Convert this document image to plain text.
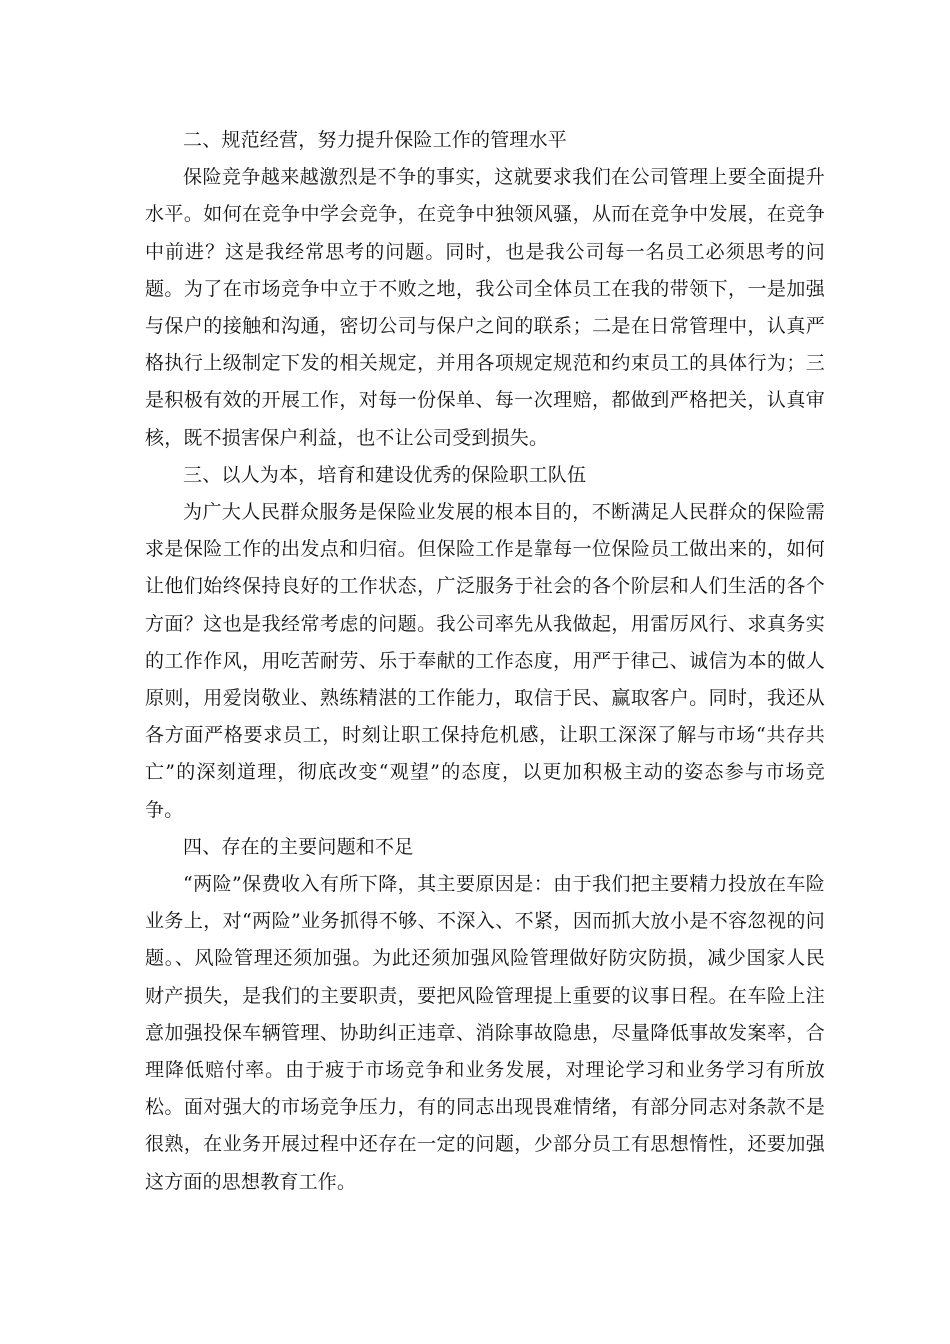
二、规范经营，努力提升保险工作的管理水平

保险竞争越来越激烈是不争的事实，这就要求我们在公司管理上要全面提升水平。如何在竞争中学会竞争，在竞争中独领风骚，从而在竞争中发展，在竞争中前进？这是我经常思考的问题。同时，也是我公司每一名员工必须思考的问题。为了在市场竞争中立于不败之地，我公司全体员工在我的带领下，一是加强与保户的接触和沟通，密切公司与保户之间的联系；二是在日常管理中，认真严格执行上级制定下发的相关规定，并用各项规定规范和约束员工的具体行为；三是积极有效的开展工作，对每一份保单、每一次理赔，都做到严格把关，认真审核，既不损害保户利益，也不让公司受到损失。

三、以人为本，培育和建设优秀的保险职工队伍

为广大人民群众服务是保险业发展的根本目的，不断满足人民群众的保险需求是保险工作的出发点和归宿。但保险工作是靠每一位保险员工做出来的，如何让他们始终保持良好的工作状态，广泛服务于社会的各个阶层和人们生活的各个方面？这也是我经常考虑的问题。我公司率先从我做起，用雷厉风行、求真务实的工作作风，用吃苦耐劳、乐于奉献的工作态度，用严于律己、诚信为本的做人原则，用爱岗敬业、熟练精湛的工作能力，取信于民、赢取客户。同时，我还从各方面严格要求员工，时刻让职工保持危机感，让职工深深了解与市场“共存共亡”的深刻道理，彻底改变“观望”的态度，以更加积极主动的姿态参与市场竞争。

四、存在的主要问题和不足

“两险”保费收入有所下降，其主要原因是：由于我们把主要精力投放在车险业务上，对“两险”业务抓得不够、不深入、不紧，因而抓大放小是不容忽视的问题。、风险管理还须加强。为此还须加强风险管理做好防灾防损，减少国家人民财产损失，是我们的主要职责，要把风险管理提上重要的议事日程。在车险上注意加强投保车辆管理、协助纠正违章、消除事故隐患，尽量降低事故发案率，合理降低赔付率。由于疲于市场竞争和业务发展，对理论学习和业务学习有所放松。面对强大的市场竞争压力，有的同志出现畏难情绪，有部分同志对条款不是很熟，在业务开展过程中还存在一定的问题，少部分员工有思想惰性，还要加强这方面的思想教育工作。
